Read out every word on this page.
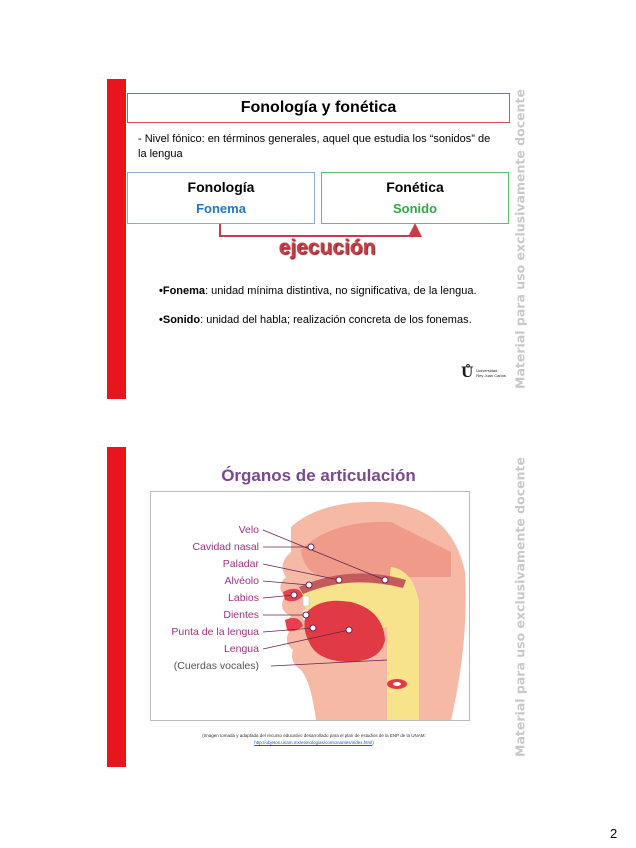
Fonología y fonética
- Nivel fónico: en términos generales, aquel que estudia los “sonidos” de la lengua
Fonología
Fonema
Fonética
Sonido
ejecución

•Fonema: unidad mínima distintiva, no significativa, de la lengua.

•Sonido: unidad del habla; realización concreta de los fonemas.

Ů Universidad
Rey Juan Carlos Material para uso exclusivamente docente
Órganos de articulación
Velo
Cavidad nasal
Paladar
Alvéolo
Labios
Dientes
Punta de la lengua
Lengua
(Cuerdas vocales)
(Imagen tomada y adaptada del recurso educativo desarrollado para el plan de estudios de la ENP de la UNAM:
http://objetos.unam.mx/etimologias/consonantes/index.html)	Material para uso exclusivamente docente
2
